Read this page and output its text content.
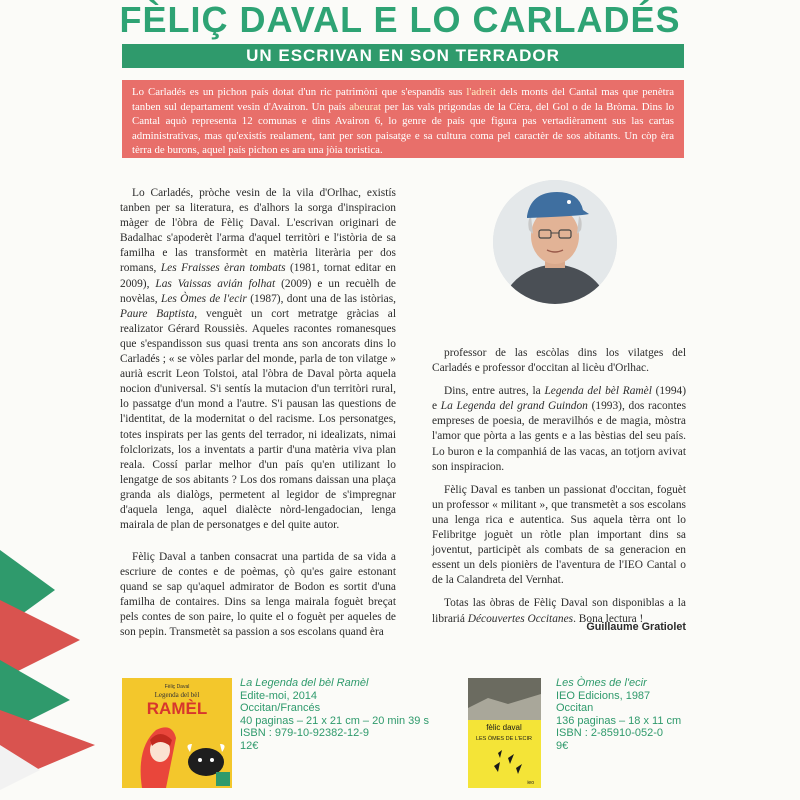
FÈLIÇ DAVAL E LO CARLADÉS
UN ESCRIVAN EN SON TERRADOR
Lo Carladés es un pichon país dotat d'un ric patrimòni que s'espandís sus l'adreit dels monts del Cantal mas que penètra tanben sul departament vesin d'Avairon. Un país abeurat per las vals prigondas de la Cèra, del Gol o de la Bròma. Dins lo Cantal aquò representa 12 comunas e dins Avairon 6, lo genre de país que figura pas vertadièrament sus las cartas administrativas, mas qu'existís realament, tant per son paisatge e sa cultura coma pel caractèr de sos abitants. Un còp èra tèrra de burons, aquel país pichon es ara una jòia toristica.

Lo Carladés, pròche vesin de la vila d'Orlhac, existís tanben per sa literatura, es d'alhors la sorga d'inspiracion màger de l'òbra de Fèliç Daval. L'escrivan originari de Badalhac s'apoderèt l'arma d'aquel territòri e l'istòria de sa familha e las transformèt en matèria literària per dos romans, Les Fraisses èran tombats (1981, tornat editar en 2009), Las Vaissas avián folhat (2009) e un recuèlh de novèlas, Les Òmes de l'ecir (1987), dont una de las istòrias, Paure Baptista, venguèt un cort metratge gràcias al realizator Gérard Roussiès. Aqueles racontes romanesques que s'espandisson sus quasi trenta ans son ancorats dins lo Carladés ; « se vòles parlar del monde, parla de ton vilatge » aurià escrit Leon Tolstoi, atal l'òbra de Daval pòrta aquela nocion d'universal. S'i sentís la mutacion d'un territòri rural, lo passatge d'un mond a l'autre. S'i pausan las questions de l'identitat, de la modernitat o del racisme. Los personatges, totes inspirats per las gents del terrador, ni idealizats, nimai folclorizats, los a inventats a partir d'una matèria viva plan reala. Cossí parlar melhor d'un país qu'en utilizant lo lengatge de sos abitants ? Los dos romans daissan una plaça granda als dialògs, permetent al legidor de s'impregnar d'aquela lenga, aquel dialècte nòrd-lengadocian, lenga mairala de plan de personatges e del quite autor.

Fèliç Daval a tanben consacrat una partida de sa vida a escriure de contes e de poèmas, çò qu'es gaire estonant quand se sap qu'aquel admirator de Bodon es sortit d'una familha de contaires. Dins sa lenga mairala foguèt breçat pels contes de son paire, lo quite el o foguèt per aqueles de son pepin. Transmetèt sa passion a sos escolans quand èra

professor de las escòlas dins los vilatges del Carladés e professor d'occitan al licèu d'Orlhac.

Dins, entre autres, la Legenda del bèl Ramèl (1994) e La Legenda del grand Guindon (1993), dos racontes empreses de poesia, de meravilhós e de magia, mòstra l'amor que pòrta a las gents e a las bèstias del seu país. Lo buron e la companhiá de las vacas, an totjorn avivat son inspiracion.

Fèliç Daval es tanben un passionat d'occitan, foguèt un professor « militant », que transmetèt a sos escolans una lenga rica e autentica. Sus aquela tèrra ont lo Felibritge joguèt un ròtle plan important dins sa joventut, participèt als combats de sa generacion en essent un dels pionièrs de l'aventura de l'IEO Cantal o de la Calandreta del Vernhat.

Totas las òbras de Fèliç Daval son disponiblas a la librariá Découvertes Occitanes. Bona lectura !

Guillaume Gratiolet
Fèliç Daval
Legenda del bèl
RAMÈL
La Legenda del bèl Ramèl
Edite-moi, 2014
Occitan/Francés
40 paginas – 21 x 21 cm – 20 min 39 s
ISBN : 979-10-92382-12-9
12€
fèlic daval
LES ÒMES DE L'ECIR
ieo
Les Òmes de l'ecir
IEO Edicions, 1987
Occitan
136 paginas – 18 x 11 cm
ISBN : 2-85910-052-0
9€
